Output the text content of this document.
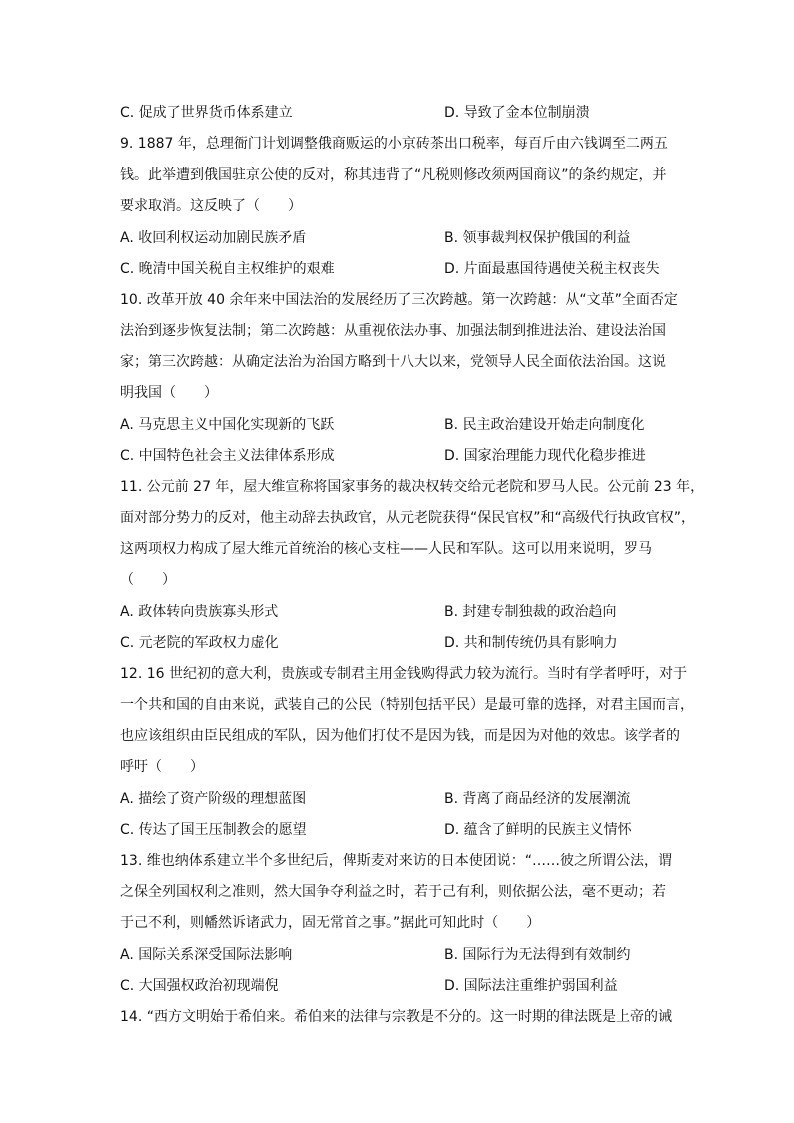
C. 促成了世界货币体系建立	D. 导致了金本位制崩溃
9. 1887 年，总理衙门计划调整俄商贩运的小京砖茶出口税率，每百斤由六钱调至二两五
钱。此举遭到俄国驻京公使的反对，称其违背了“凡税则修改须两国商议”的条约规定，并
要求取消。这反映了（　　）
A. 收回利权运动加剧民族矛盾	B. 领事裁判权保护俄国的利益
C. 晚清中国关税自主权维护的艰难	D. 片面最惠国待遇使关税主权丧失
10. 改革开放 40 余年来中国法治的发展经历了三次跨越。第一次跨越：从“文革”全面否定
法治到逐步恢复法制；第二次跨越：从重视依法办事、加强法制到推进法治、建设法治国
家；第三次跨越：从确定法治为治国方略到十八大以来，党领导人民全面依法治国。这说
明我国（　　）
A. 马克思主义中国化实现新的飞跃	B. 民主政治建设开始走向制度化
C. 中国特色社会主义法律体系形成	D. 国家治理能力现代化稳步推进
11. 公元前 27 年，屋大维宣称将国家事务的裁决权转交给元老院和罗马人民。公元前 23 年，
面对部分势力的反对，他主动辞去执政官，从元老院获得“保民官权”和“高级代行执政官权”，
这两项权力构成了屋大维元首统治的核心支柱——人民和军队。这可以用来说明，罗马
（　　）
A. 政体转向贵族寡头形式	B. 封建专制独裁的政治趋向
C. 元老院的军政权力虚化	D. 共和制传统仍具有影响力
12. 16 世纪初的意大利，贵族或专制君主用金钱购得武力较为流行。当时有学者呼吁，对于
一个共和国的自由来说，武装自己的公民（特别包括平民）是最可靠的选择，对君主国而言，
也应该组织由臣民组成的军队，因为他们打仗不是因为钱，而是因为对他的效忠。该学者的
呼吁（　　）
A. 描绘了资产阶级的理想蓝图	B. 背离了商品经济的发展潮流
C. 传达了国王压制教会的愿望	D. 蕴含了鲜明的民族主义情怀
13. 维也纳体系建立半个多世纪后，俾斯麦对来访的日本使团说：“……彼之所谓公法，谓
之保全列国权利之准则，然大国争夺利益之时，若于己有利，则依据公法，毫不更动；若
于己不利，则幡然诉诸武力，固无常首之事。”据此可知此时（　　）
A. 国际关系深受国际法影响	B. 国际行为无法得到有效制约
C. 大国强权政治初现端倪	D. 国际法注重维护弱国利益
14. “西方文明始于希伯来。希伯来的法律与宗教是不分的。这一时期的律法既是上帝的诫
